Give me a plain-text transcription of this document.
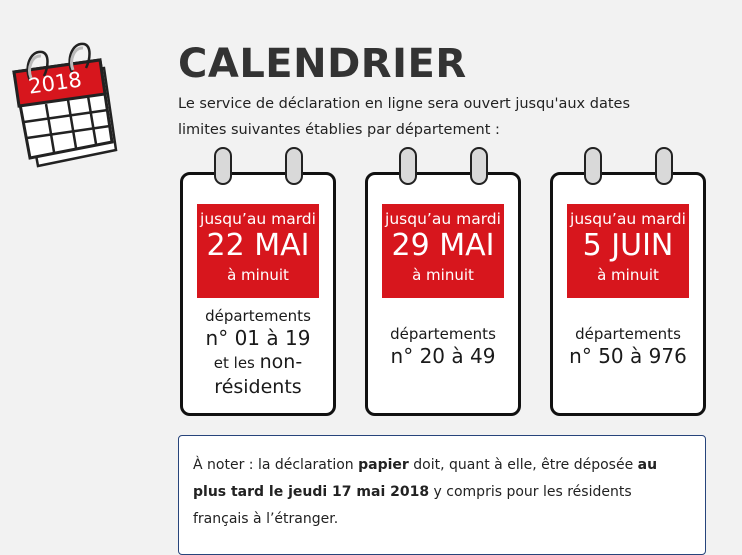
2018 CALENDRIER
Le service de déclaration en ligne sera ouvert jusqu'aux dates limites suivantes établies par département :
jusqu’au mardi
22 MAI
à minuit
départements
n° 01 à 19
et les non-résidents
jusqu’au mardi
29 MAI
à minuit
départements
n° 20 à 49
jusqu’au mardi
5 JUIN
à minuit
départements
n° 50 à 976
À noter : la déclaration papier doit, quant à elle, être déposée au plus tard le jeudi 17 mai 2018 y compris pour les résidents français à l’étranger.
